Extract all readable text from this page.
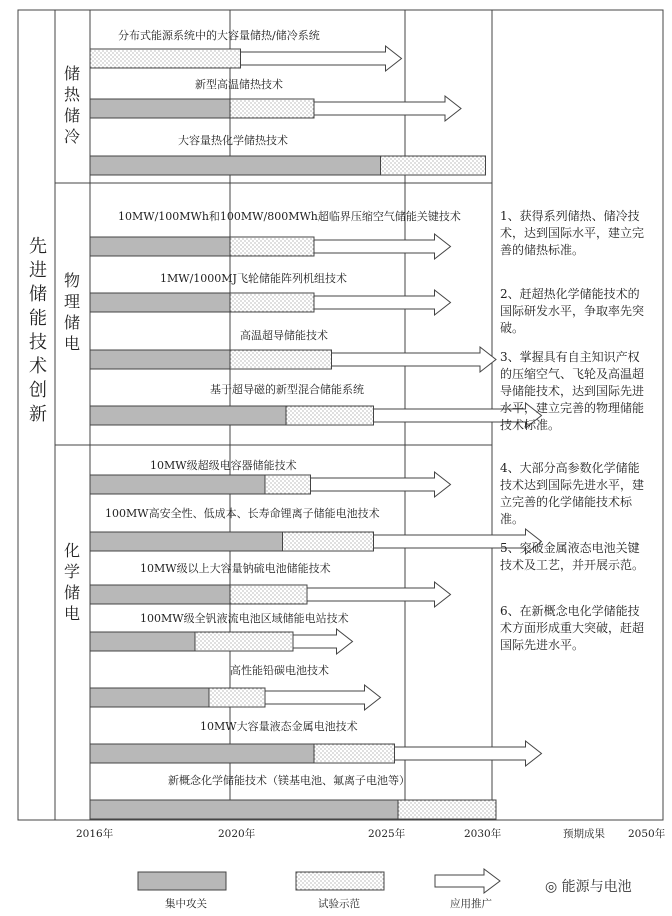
先进储能技术创新
储热储冷
物理储电
化学储电
分布式能源系统中的大容量储热/储冷系统
新型高温储热技术
大容量热化学储热技术
10MW/100MWh和100MW/800MWh超临界压缩空气储能关键技术
1MW/1000MJ飞轮储能阵列机组技术
高温超导储能技术
基于超导磁的新型混合储能系统
10MW级超级电容器储能技术
100MW高安全性、低成本、长寿命锂离子储能电池技术
10MW级以上大容量钠硫电池储能技术
100MW级全钒液流电池区域储能电站技术
高性能铅碳电池技术
10MW大容量液态金属电池技术
新概念化学储能技术（镁基电池、氟离子电池等）
1、获得系列储热、储冷技术，达到国际水平，建立完善的储热标准。
2、赶超热化学储能技术的国际研发水平，争取率先突破。
3、掌握具有自主知识产权的压缩空气、飞轮及高温超导储能技术，达到国际先进水平，建立完善的物理储能技术标准。
4、大部分高参数化学储能技术达到国际先进水平，建立完善的化学储能技术标准。
5、突破金属液态电池关键技术及工艺，并开展示范。
6、在新概念电化学储能技术方面形成重大突破，赶超国际先进水平。
2016年	2020年	2025年	2030年	预期成果 2050年
集中攻关	试验示范	应用推广
◎ 能源与电池
